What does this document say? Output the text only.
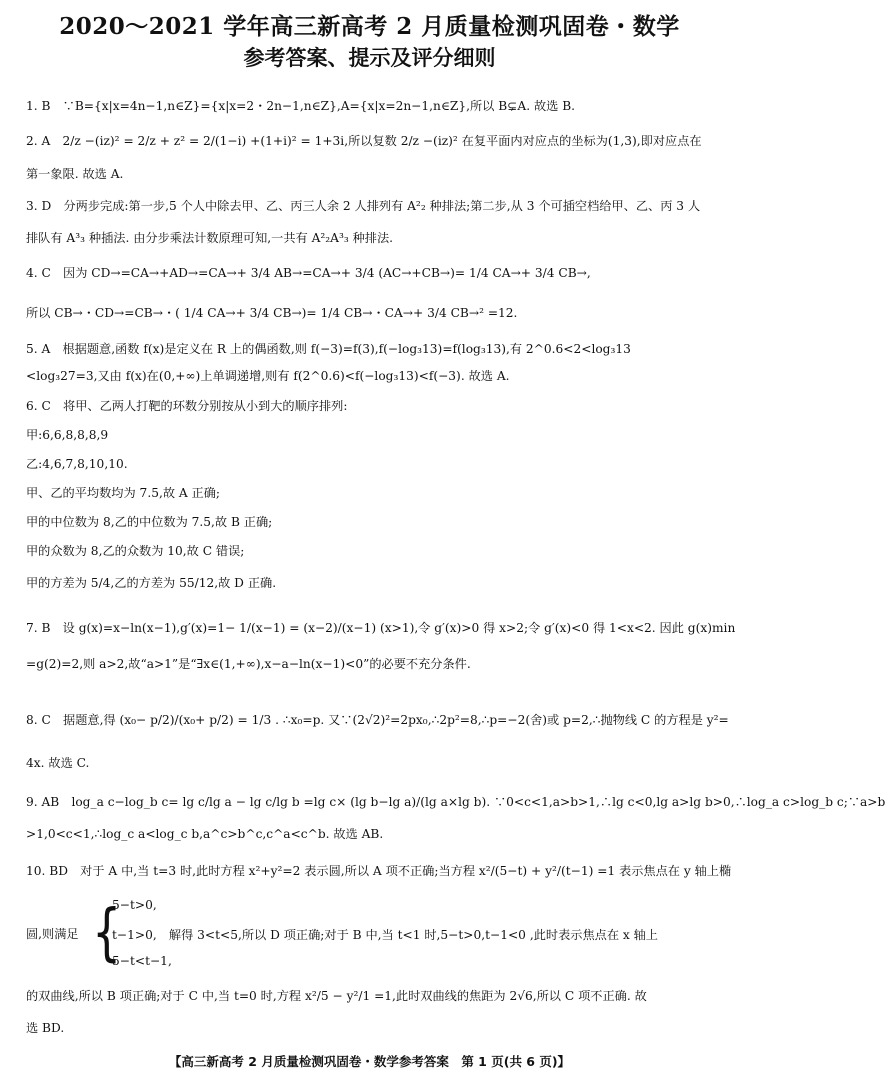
2020～2021 学年高三新高考 2 月质量检测巩固卷・数学
参考答案、提示及评分细则
1. B　∵B={x|x=4n−1,n∈Z}={x|x=2・2n−1,n∈Z},A={x|x=2n−1,n∈Z},所以 B⊊A. 故选 B.
2. A　2/z −(iz)² = 2/z + z² = 2/(1−i) +(1+i)² = 1+3i,所以复数 2/z −(iz)² 在复平面内对应点的坐标为(1,3),即对应点在
第一象限. 故选 A.
3. D　分两步完成:第一步,5 个人中除去甲、乙、丙三人余 2 人排列有 A²₂ 种排法;第二步,从 3 个可插空档给甲、乙、丙 3 人
排队有 A³₃ 种插法. 由分步乘法计数原理可知,一共有 A²₂A³₃ 种排法.
4. C　因为 CD→=CA→+AD→=CA→+ 3/4 AB→=CA→+ 3/4 (AC→+CB→)= 1/4 CA→+ 3/4 CB→,
所以 CB→・CD→=CB→・( 1/4 CA→+ 3/4 CB→)= 1/4 CB→・CA→+ 3/4 CB→² =12.
5. A　根据题意,函数 f(x)是定义在 R 上的偶函数,则 f(−3)=f(3),f(−log₃13)=f(log₃13),有 2^0.6<2<log₃13
<log₃27=3,又由 f(x)在(0,+∞)上单调递增,则有 f(2^0.6)<f(−log₃13)<f(−3). 故选 A.
6. C　将甲、乙两人打靶的环数分别按从小到大的顺序排列:
甲:6,6,8,8,8,9
乙:4,6,7,8,10,10.
甲、乙的平均数均为 7.5,故 A 正确;
甲的中位数为 8,乙的中位数为 7.5,故 B 正确;
甲的众数为 8,乙的众数为 10,故 C 错误;
甲的方差为 5/4,乙的方差为 55/12,故 D 正确.
7. B　设 g(x)=x−ln(x−1),g′(x)=1− 1/(x−1) = (x−2)/(x−1) (x>1),令 g′(x)>0 得 x>2;令 g′(x)<0 得 1<x<2. 因此 g(x)min
=g(2)=2,则 a>2,故“a>1”是“∃x∈(1,+∞),x−a−ln(x−1)<0”的必要不充分条件.
8. C　据题意,得 (x₀− p/2)/(x₀+ p/2) = 1/3 . ∴x₀=p. 又∵(2√2)²=2px₀,∴2p²=8,∴p=−2(舍)或 p=2,∴抛物线 C 的方程是 y²=
4x. 故选 C.
9. AB　log_a c−log_b c= lg c/lg a − lg c/lg b =lg c× (lg b−lg a)/(lg a×lg b). ∵0<c<1,a>b>1,∴lg c<0,lg a>lg b>0,∴log_a c>log_b c;∵a>b
>1,0<c<1,∴log_c a<log_c b,a^c>b^c,c^a<c^b. 故选 AB.
10. BD　对于 A 中,当 t=3 时,此时方程 x²+y²=2 表示圆,所以 A 项不正确;当方程 x²/(5−t) + y²/(t−1) =1 表示焦点在 y 轴上椭
{
5−t>0,
圆,则满足	t−1>0,　解得 3<t<5,所以 D 项正确;对于 B 中,当 t<1 时,5−t>0,t−1<0 ,此时表示焦点在 x 轴上
5−t<t−1,
的双曲线,所以 B 项正确;对于 C 中,当 t=0 时,方程 x²/5 − y²/1 =1,此时双曲线的焦距为 2√6,所以 C 项不正确. 故
选 BD.
【高三新高考 2 月质量检测巩固卷・数学参考答案　第 1 页(共 6 页)】
